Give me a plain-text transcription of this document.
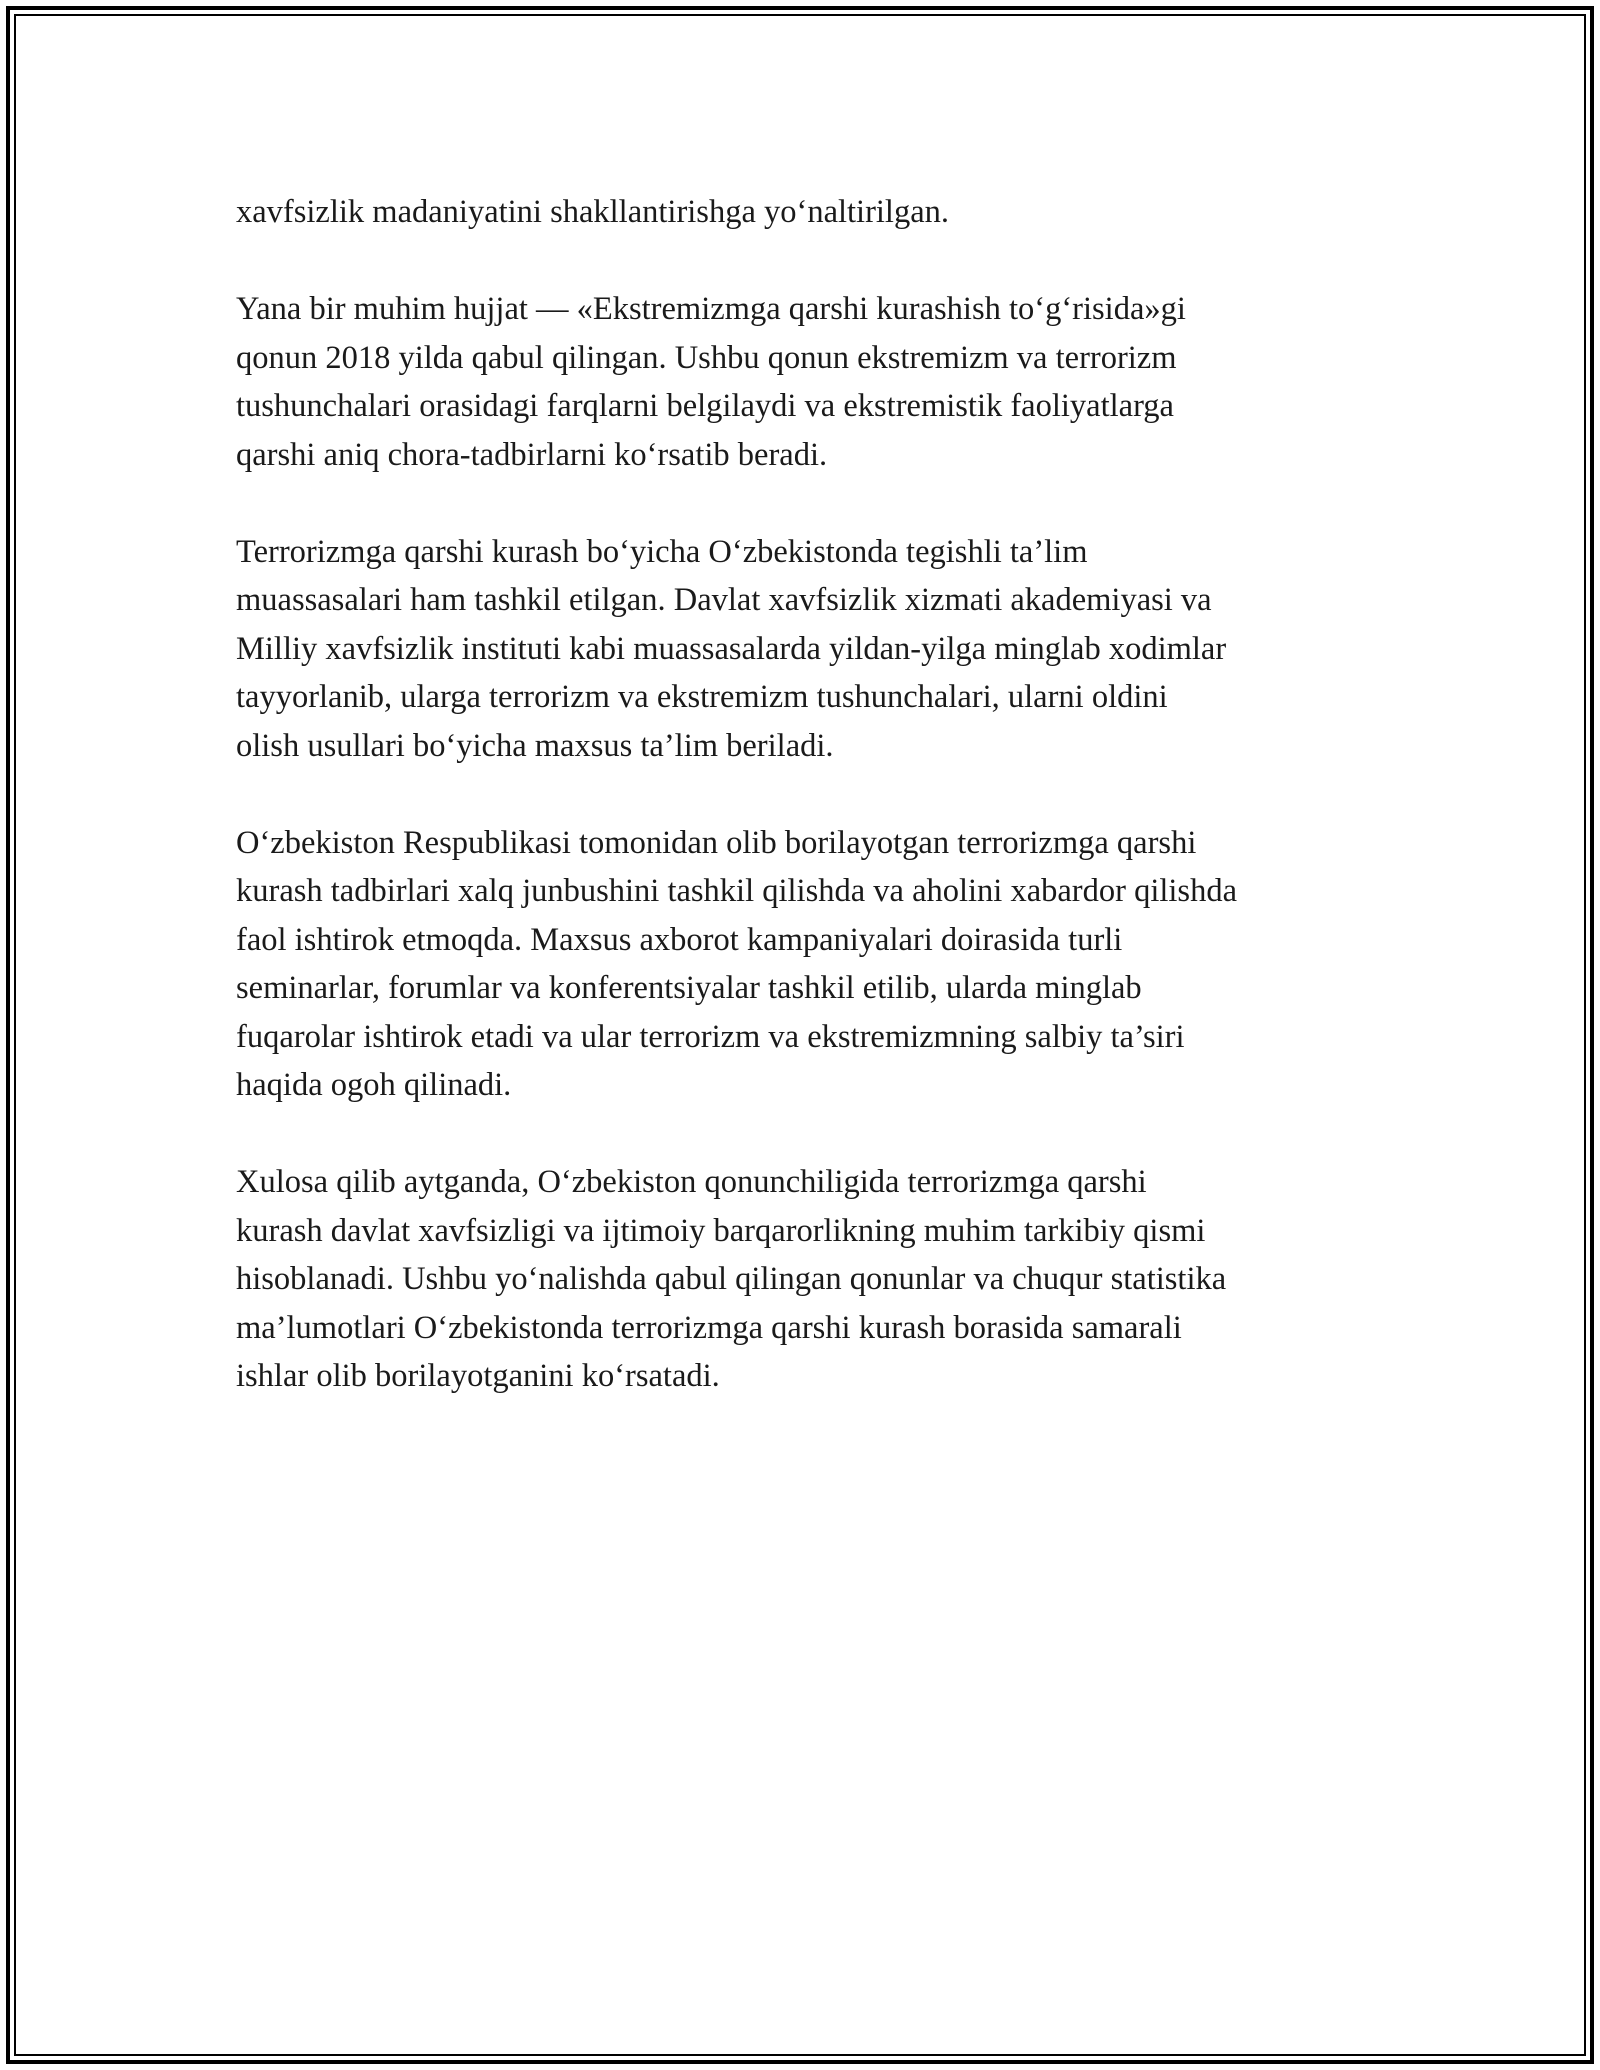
xavfsizlik madaniyatini shakllantirishga yo‘naltirilgan.

Yana bir muhim hujjat — «Ekstremizmga qarshi kurashish to‘g‘risida»gi
qonun 2018 yilda qabul qilingan. Ushbu qonun ekstremizm va terrorizm
tushunchalari orasidagi farqlarni belgilaydi va ekstremistik faoliyatlarga
qarshi aniq chora-tadbirlarni ko‘rsatib beradi.

Terrorizmga qarshi kurash bo‘yicha O‘zbekistonda tegishli ta’lim
muassasalari ham tashkil etilgan. Davlat xavfsizlik xizmati akademiyasi va
Milliy xavfsizlik instituti kabi muassasalarda yildan-yilga minglab xodimlar
tayyorlanib, ularga terrorizm va ekstremizm tushunchalari, ularni oldini
olish usullari bo‘yicha maxsus ta’lim beriladi.

O‘zbekiston Respublikasi tomonidan olib borilayotgan terrorizmga qarshi
kurash tadbirlari xalq junbushini tashkil qilishda va aholini xabardor qilishda
faol ishtirok etmoqda. Maxsus axborot kampaniyalari doirasida turli
seminarlar, forumlar va konferentsiyalar tashkil etilib, ularda minglab
fuqarolar ishtirok etadi va ular terrorizm va ekstremizmning salbiy ta’siri
haqida ogoh qilinadi.

Xulosa qilib aytganda, O‘zbekiston qonunchiligida terrorizmga qarshi
kurash davlat xavfsizligi va ijtimoiy barqarorlikning muhim tarkibiy qismi
hisoblanadi. Ushbu yo‘nalishda qabul qilingan qonunlar va chuqur statistika
ma’lumotlari O‘zbekistonda terrorizmga qarshi kurash borasida samarali
ishlar olib borilayotganini ko‘rsatadi.
